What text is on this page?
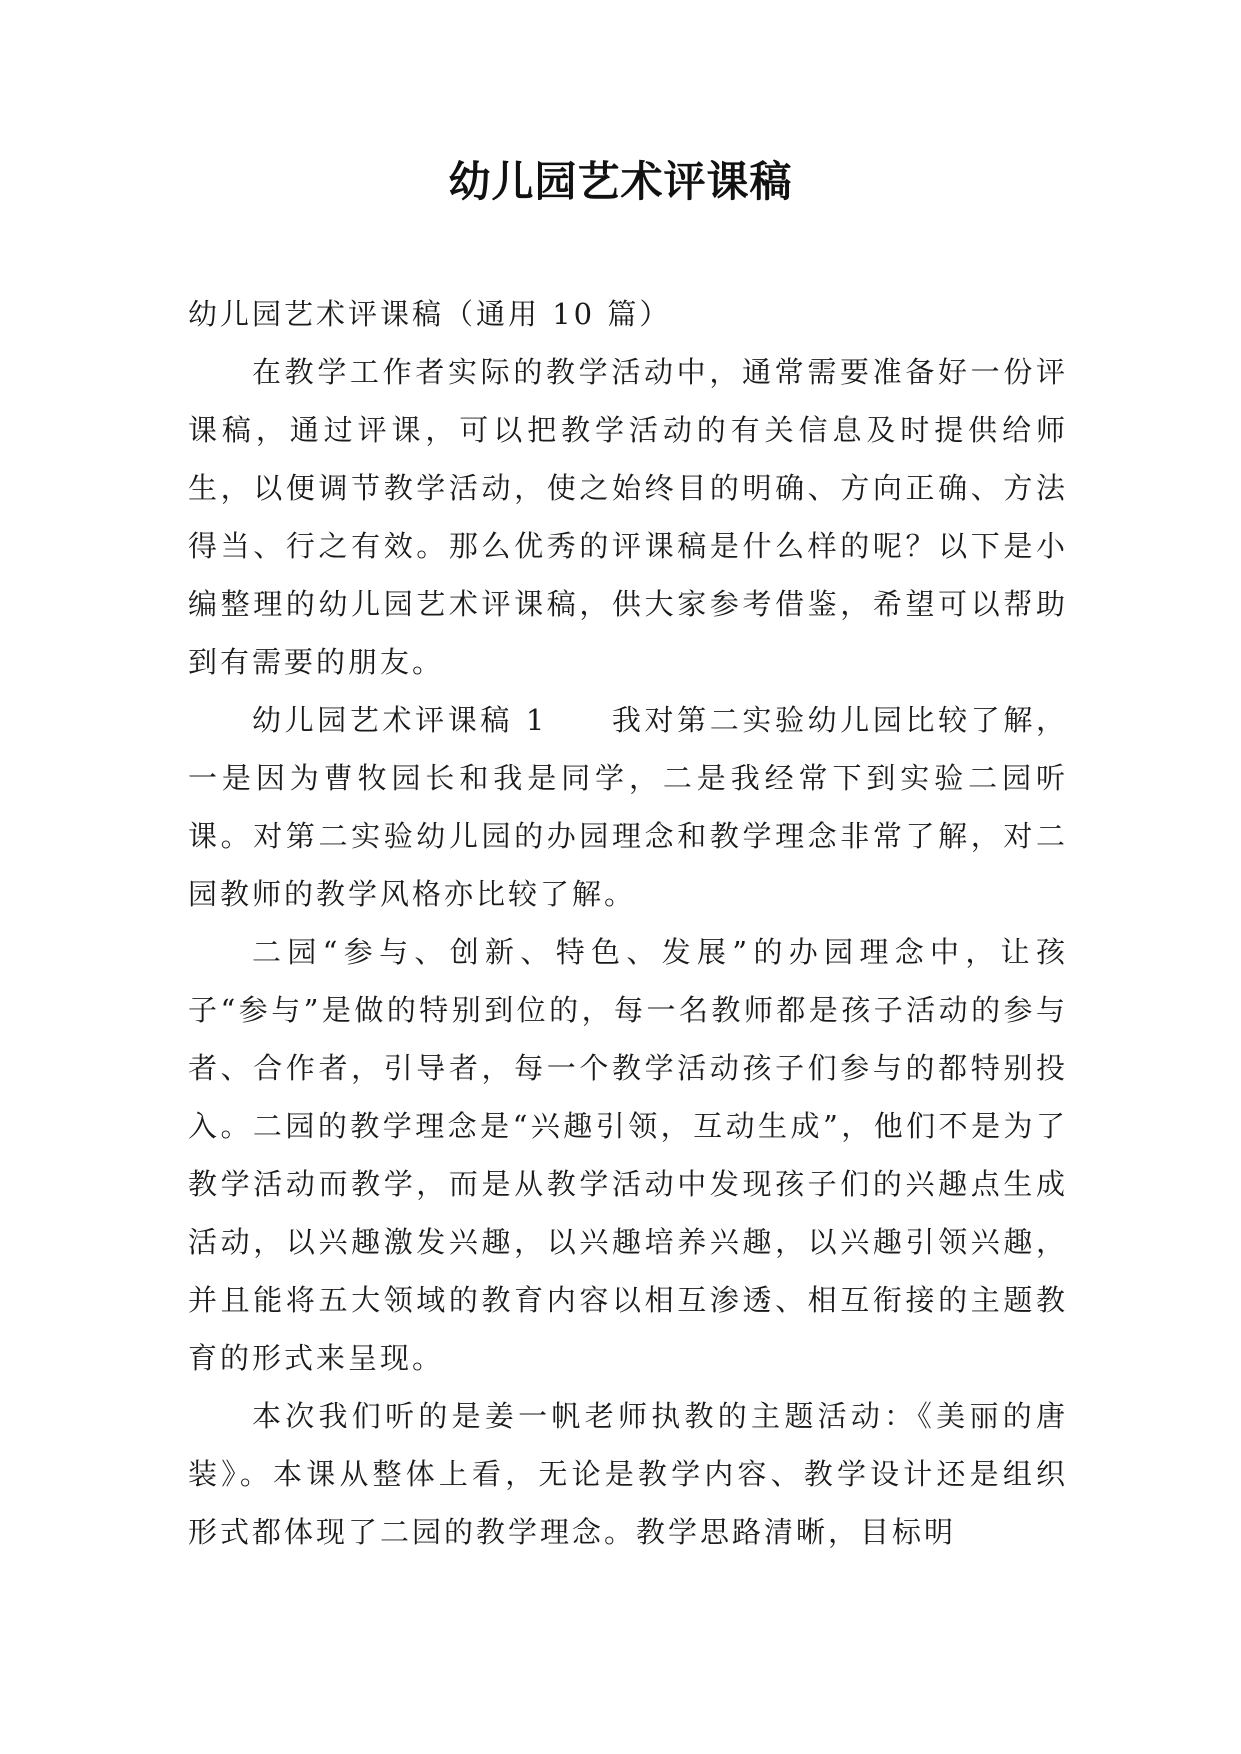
幼儿园艺术评课稿

幼儿园艺术评课稿（通用 10 篇）

在教学工作者实际的教学活动中，通常需要准备好一份评课稿，通过评课，可以把教学活动的有关信息及时提供给师生，以便调节教学活动，使之始终目的明确、方向正确、方法得当、行之有效。那么优秀的评课稿是什么样的呢？以下是小编整理的幼儿园艺术评课稿，供大家参考借鉴，希望可以帮助到有需要的朋友。

幼儿园艺术评课稿 1 我对第二实验幼儿园比较了解，一是因为曹牧园长和我是同学，二是我经常下到实验二园听课。对第二实验幼儿园的办园理念和教学理念非常了解，对二园教师的教学风格亦比较了解。

二园“参与、创新、特色、发展”的办园理念中，让孩子“参与”是做的特别到位的，每一名教师都是孩子活动的参与者、合作者，引导者，每一个教学活动孩子们参与的都特别投入。二园的教学理念是“兴趣引领，互动生成”，他们不是为了教学活动而教学，而是从教学活动中发现孩子们的兴趣点生成活动，以兴趣激发兴趣，以兴趣培养兴趣，以兴趣引领兴趣，并且能将五大领域的教育内容以相互渗透、相互衔接的主题教育的形式来呈现。

本次我们听的是姜一帆老师执教的主题活动：《美丽的唐装》。本课从整体上看，无论是教学内容、教学设计还是组织形式都体现了二园的教学理念。教学思路清晰，目标明
